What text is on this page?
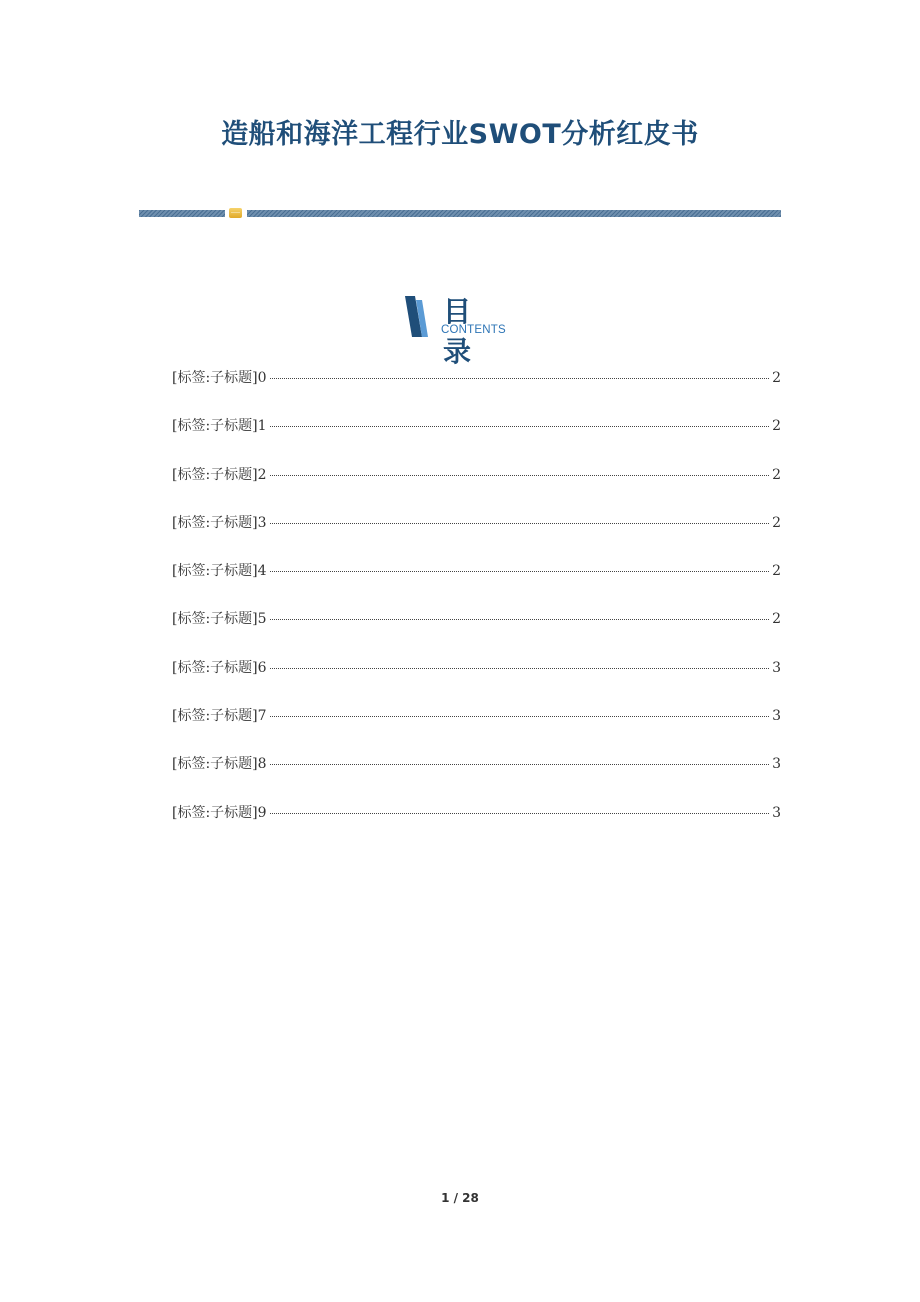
造船和海洋工程行业SWOT分析红皮书
目 录
CONTENTS
[标签:子标题]0	2
[标签:子标题]1	2
[标签:子标题]2	2
[标签:子标题]3	2
[标签:子标题]4	2
[标签:子标题]5	2
[标签:子标题]6	3
[标签:子标题]7	3
[标签:子标题]8	3
[标签:子标题]9	3
1 / 28
